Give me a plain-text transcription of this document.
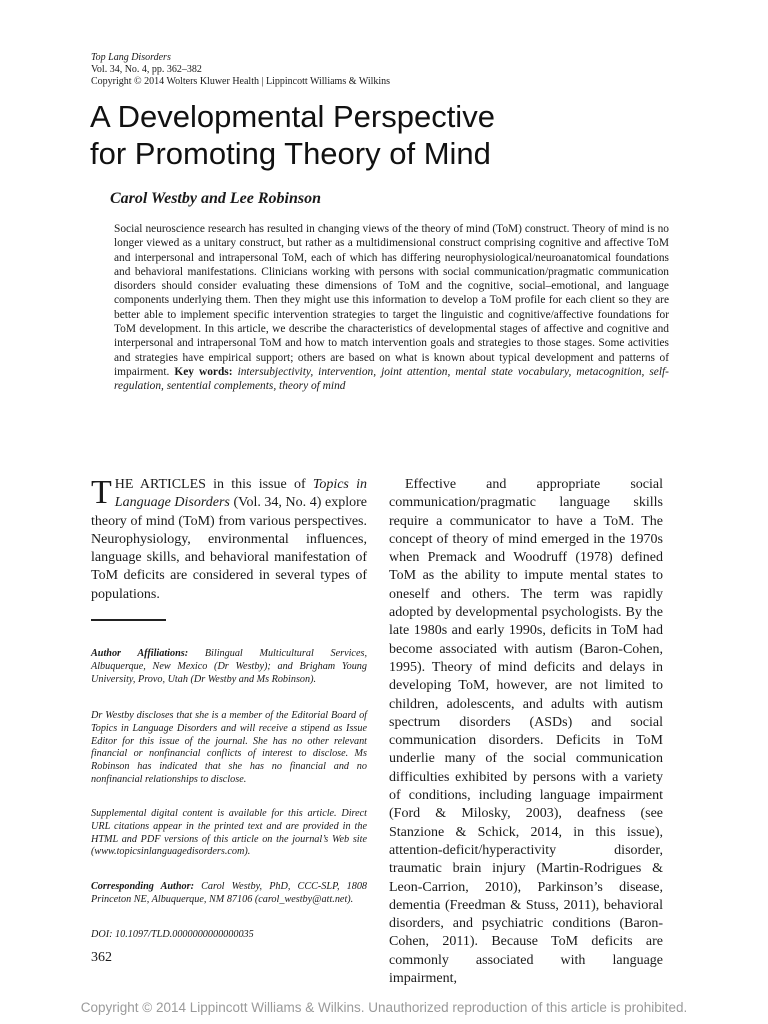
Top Lang Disorders
Vol. 34, No. 4, pp. 362–382
Copyright © 2014 Wolters Kluwer Health | Lippincott Williams & Wilkins
A Developmental Perspective
for Promoting Theory of Mind
Carol Westby and Lee Robinson
Social neuroscience research has resulted in changing views of the theory of mind (ToM) construct. Theory of mind is no longer viewed as a unitary construct, but rather as a multidimensional construct comprising cognitive and affective ToM and interpersonal and intrapersonal ToM, each of which has differing neurophysiological/neuroanatomical foundations and behavioral manifestations. Clinicians working with persons with social communication/pragmatic communication disorders should consider evaluating these dimensions of ToM and the cognitive, social–emotional, and language components underlying them. Then they might use this information to develop a ToM profile for each client so they are better able to implement specific intervention strategies to target the linguistic and cognitive/affective foundations for ToM development. In this article, we describe the characteristics of developmental stages of affective and cognitive and interpersonal and intrapersonal ToM and how to match intervention goals and strategies to those stages. Some activities and strategies have empirical support; others are based on what is known about typical development and patterns of impairment. Key words: intersubjectivity, intervention, joint attention, mental state vocabulary, metacognition, self-regulation, sentential complements, theory of mind
THE ARTICLES in this issue of Topics in Language Disorders (Vol. 34, No. 4) explore theory of mind (ToM) from various perspectives. Neurophysiology, environmental influences, language skills, and behavioral manifestation of ToM deficits are considered in several types of populations.
Author Affiliations: Bilingual Multicultural Services, Albuquerque, New Mexico (Dr Westby); and Brigham Young University, Provo, Utah (Dr Westby and Ms Robinson).
Dr Westby discloses that she is a member of the Editorial Board of Topics in Language Disorders and will receive a stipend as Issue Editor for this issue of the journal. She has no other relevant financial or nonfinancial conflicts of interest to disclose. Ms Robinson has indicated that she has no financial and no nonfinancial relationships to disclose.
Supplemental digital content is available for this article. Direct URL citations appear in the printed text and are provided in the HTML and PDF versions of this article on the journal’s Web site (www.topicsinlanguagedisorders.com).
Corresponding Author: Carol Westby, PhD, CCC-SLP, 1808 Princeton NE, Albuquerque, NM 87106 (carol_westby@att.net).
DOI: 10.1097/TLD.0000000000000035
362
Effective and appropriate social communication/pragmatic language skills require a communicator to have a ToM. The concept of theory of mind emerged in the 1970s when Premack and Woodruff (1978) defined ToM as the ability to impute mental states to oneself and others. The term was rapidly adopted by developmental psychologists. By the late 1980s and early 1990s, deficits in ToM had become associated with autism (Baron-Cohen, 1995). Theory of mind deficits and delays in developing ToM, however, are not limited to children, adolescents, and adults with autism spectrum disorders (ASDs) and social communication disorders. Deficits in ToM underlie many of the social communication difficulties exhibited by persons with a variety of conditions, including language impairment (Ford & Milosky, 2003), deafness (see Stanzione & Schick, 2014, in this issue), attention-deficit/hyperactivity disorder, traumatic brain injury (Martin-Rodrigues & Leon-Carrion, 2010), Parkinson’s disease, dementia (Freedman & Stuss, 2011), behavioral disorders, and psychiatric conditions (Baron-Cohen, 2011). Because ToM deficits are commonly associated with language impairment,
Copyright © 2014 Lippincott Williams & Wilkins. Unauthorized reproduction of this article is prohibited.
